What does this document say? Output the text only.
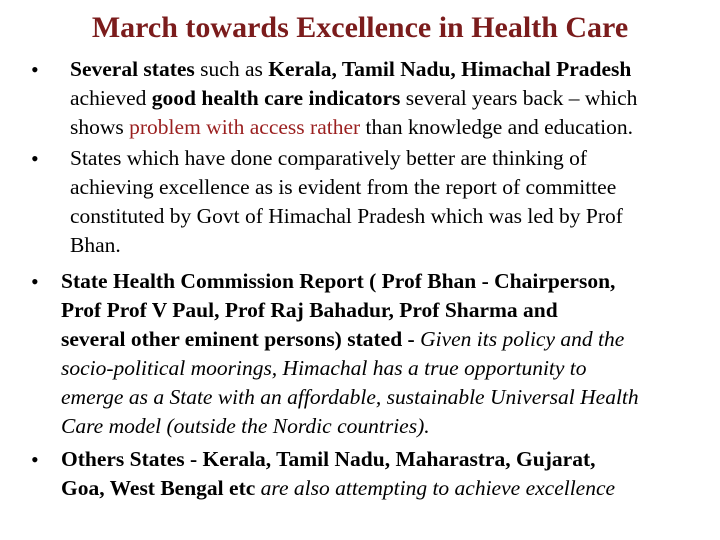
March towards Excellence in Health Care
• Several states such as Kerala, Tamil Nadu, Himachal Pradesh
achieved good health care indicators several years back – which
shows problem with access rather than knowledge and education.
• States which have done comparatively better are thinking of
achieving excellence as is evident from the report of committee
constituted by Govt of Himachal Pradesh which was led by Prof
Bhan.
• State Health Commission Report ( Prof Bhan - Chairperson,
Prof Prof V Paul, Prof Raj Bahadur, Prof Sharma and
several other eminent persons) stated - Given its policy and the
socio-political moorings, Himachal has a true opportunity to
emerge as a State with an affordable, sustainable Universal Health
Care model (outside the Nordic countries).
• Others States - Kerala, Tamil Nadu, Maharastra, Gujarat,
Goa, West Bengal etc are also attempting to achieve excellence
